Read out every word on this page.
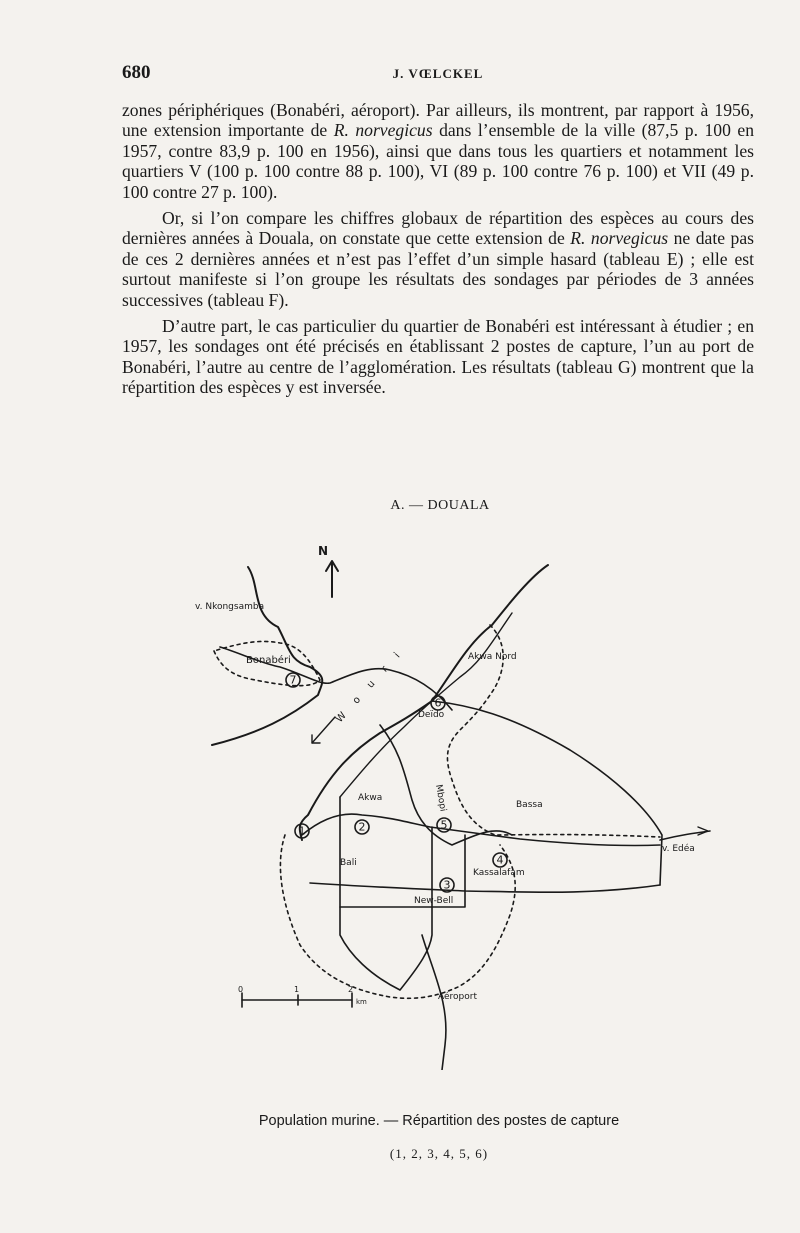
680	J. VŒLCKEL

zones périphériques (Bonabéri, aéroport). Par ailleurs, ils montrent, par rapport à 1956, une extension importante de R. norvegicus dans l’ensemble de la ville (87,5 p. 100 en 1957, contre 83,9 p. 100 en 1956), ainsi que dans tous les quartiers et notamment les quartiers V (100 p. 100 contre 88 p. 100), VI (89 p. 100 contre 76 p. 100) et VII (49 p. 100 contre 27 p. 100).

Or, si l’on compare les chiffres globaux de répartition des espèces au cours des dernières années à Douala, on constate que cette extension de R. norvegicus ne date pas de ces 2 dernières années et n’est pas l’effet d’un simple hasard (tableau E) ; elle est surtout manifeste si l’on groupe les résultats des sondages par périodes de 3 années successives (tableau F).

D’autre part, le cas particulier du quartier de Bonabéri est intéressant à étudier ; en 1957, les sondages ont été précisés en établissant 2 postes de capture, l’un au port de Bonabéri, l’autre au centre de l’agglomération. Les résultats (tableau G) montrent que la répartition des espèces y est inversée.

A. — DOUALA
1	2
3
4
5
6
7
N
v. Nkongsamba
Bonabéri	Akwa Nord
Deïdo
Mbopi
Akwa
Bassa
v. Edéa
Bali
Kassalafam
New-Bell
Aéroport
W o u r i
0	1	2
km
Population murine. — Répartition des postes de capture
(1, 2, 3, 4, 5, 6)
